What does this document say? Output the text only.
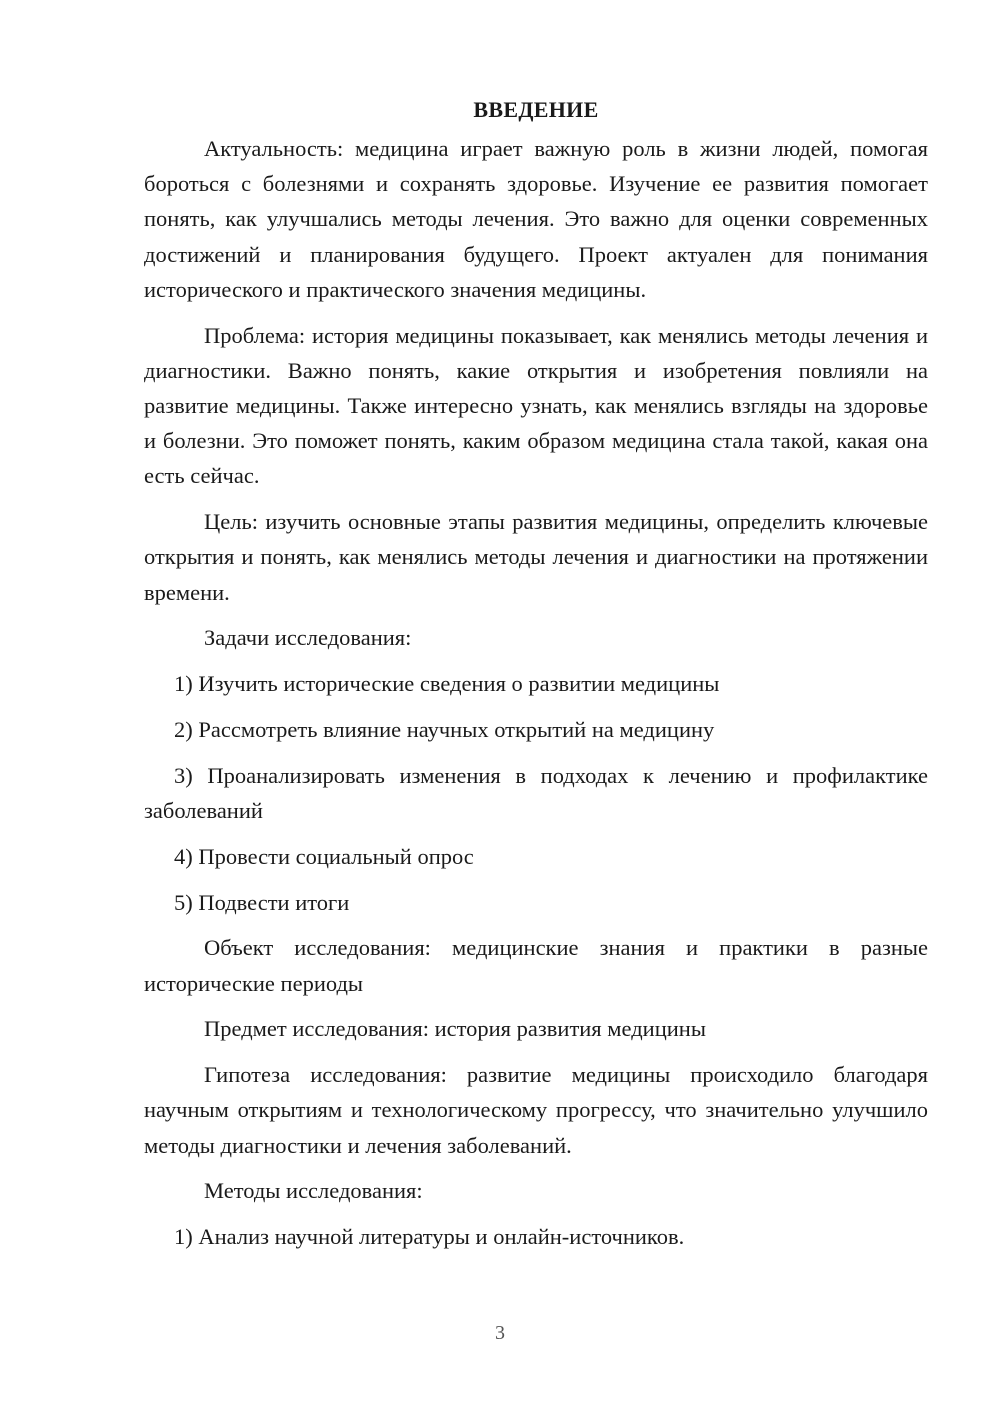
ВВЕДЕНИЕ

Актуальность: медицина играет важную роль в жизни людей, помогая бороться с болезнями и сохранять здоровье. Изучение ее развития помогает понять, как улучшались методы лечения. Это важно для оценки современных достижений и планирования будущего. Проект актуален для понимания исторического и практического значения медицины.

Проблема: история медицины показывает, как менялись методы лечения и диагностики. Важно понять, какие открытия и изобретения повлияли на развитие медицины. Также интересно узнать, как менялись взгляды на здоровье и болезни. Это поможет понять, каким образом медицина стала такой, какая она есть сейчас.

Цель: изучить основные этапы развития медицины, определить ключевые открытия и понять, как менялись методы лечения и диагностики на протяжении времени.

Задачи исследования:

1) Изучить исторические сведения о развитии медицины

2) Рассмотреть влияние научных открытий на медицину

3) Проанализировать изменения в подходах к лечению и профилактике заболеваний

4) Провести социальный опрос

5) Подвести итоги

Объект исследования: медицинские знания и практики в разные исторические периоды

Предмет исследования: история развития медицины

Гипотеза исследования: развитие медицины происходило благодаря научным открытиям и технологическому прогрессу, что значительно улучшило методы диагностики и лечения заболеваний.

Методы исследования:

1) Анализ научной литературы и онлайн-источников.

3
